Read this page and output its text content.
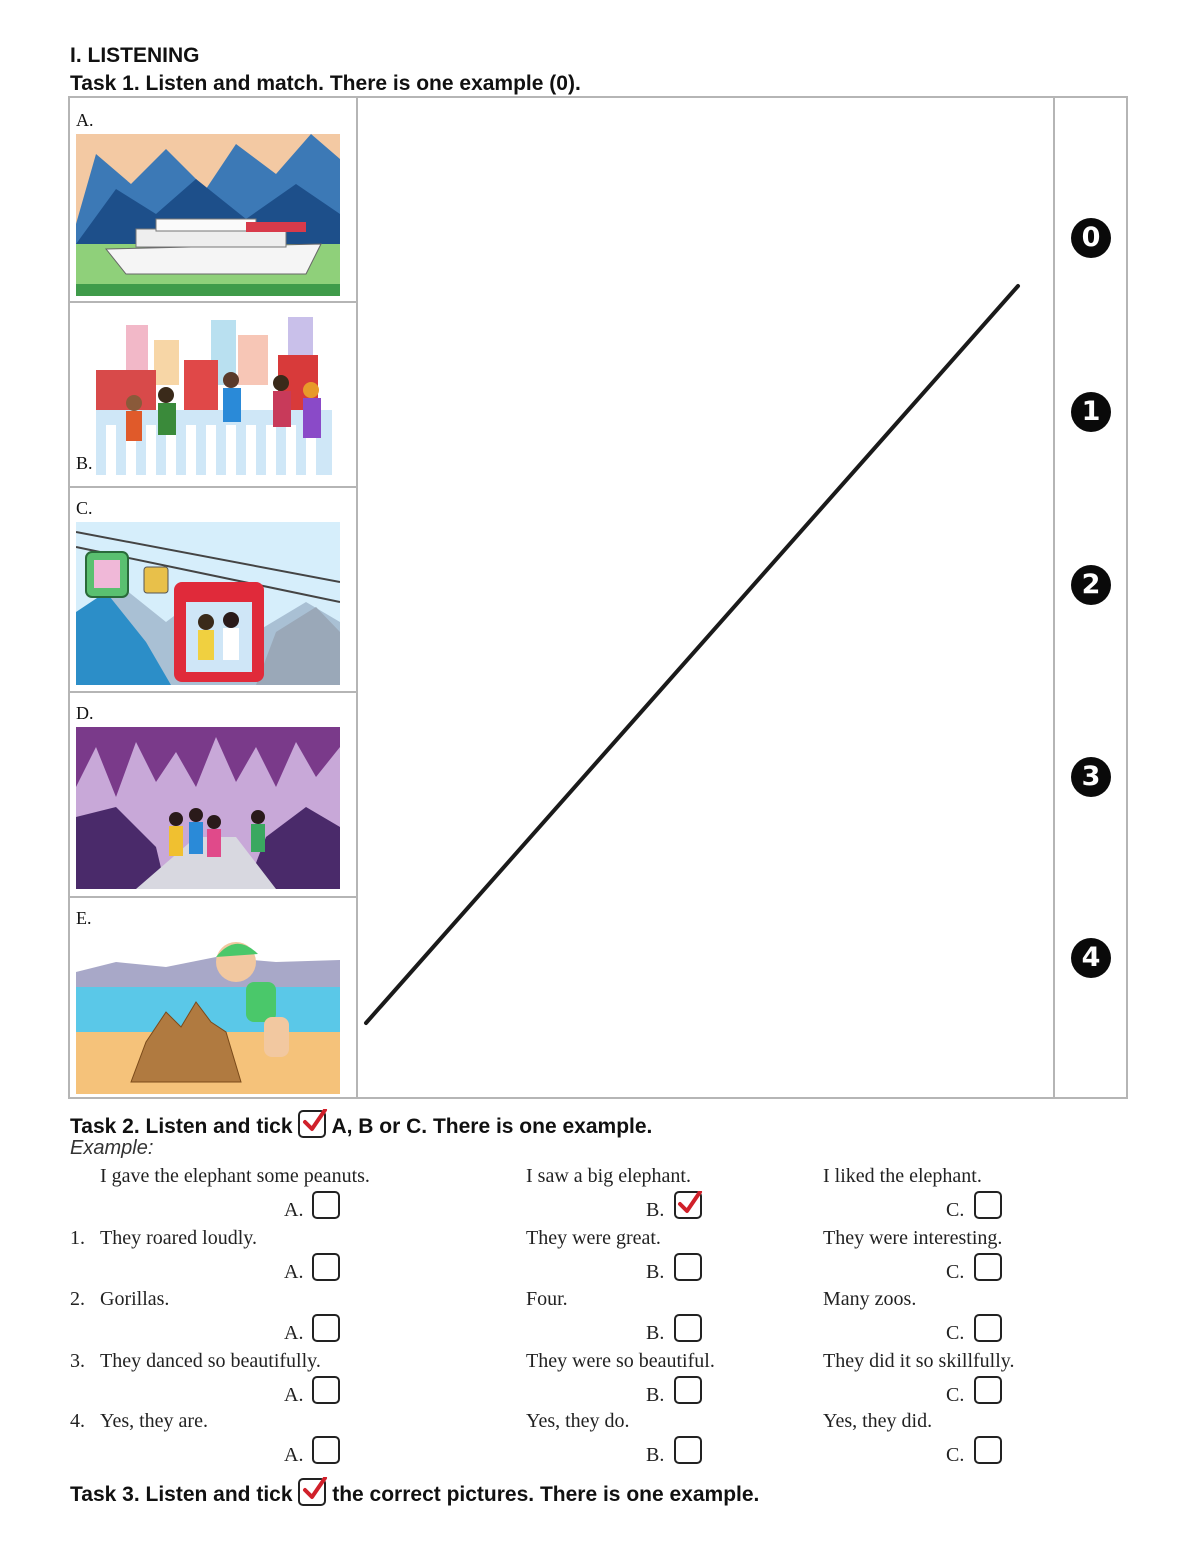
I. LISTENING
Task 1. Listen and match. There is one example (0).
A.
B.
C.
D.
E.
0
1
2
3
4
Task 2. Listen and tick A, B or C. There is one example.
Example:
I gave the elephant some peanuts.
A.
I saw a big elephant.
B.
I liked the elephant.
C.
1. They roared loudly.
A.
They were great.
B.
They were interesting.
C.
2. Gorillas.
A.
Four.
B.
Many zoos.
C.
3. They danced so beautifully.
A.
They were so beautiful.
B.
They did it so skillfully.
C.
4. Yes, they are.
A.
Yes, they do.
B.
Yes, they did.
C.
Task 3. Listen and tick the correct pictures. There is one example.
